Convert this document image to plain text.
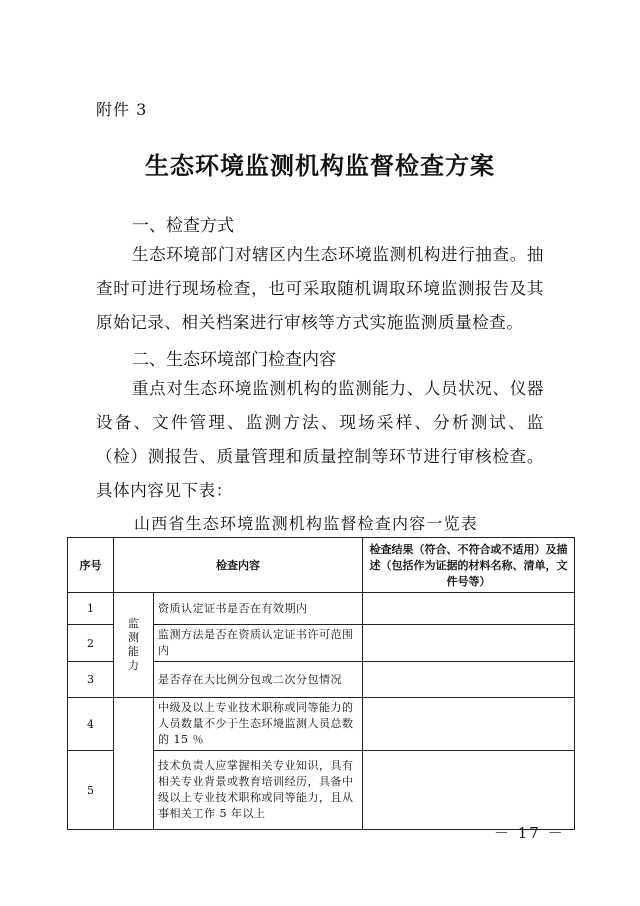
附件 3
生态环境监测机构监督检查方案
一、检查方式
生态环境部门对辖区内生态环境监测机构进行抽查。抽查时可进行现场检查，也可采取随机调取环境监测报告及其原始记录、相关档案进行审核等方式实施监测质量检查。
二、生态环境部门检查内容
重点对生态环境监测机构的监测能力、人员状况、仪器设备、文件管理、监测方法、现场采样、分析测试、监（检）测报告、质量管理和质量控制等环节进行审核检查。具体内容见下表：
山西省生态环境监测机构监督检查内容一览表
序号	检查内容		检查结果（符合、不符合或不适用）及描述（包括作为证据的材料名称、清单，文件号等）
1	监测能力	资质认定证书是否在有效期内	
2		监测方法是否在资质认定证书许可范围内	
3		是否存在大比例分包或二次分包情况	
4		中级及以上专业技术职称或同等能力的人员数量不少于生态环境监测人员总数的 15 ％	
5		技术负责人应掌握相关专业知识，具有相关专业背景或教育培训经历，具备中级以上专业技术职称或同等能力，且从事相关工作 5 年以上	
－ 17 －
